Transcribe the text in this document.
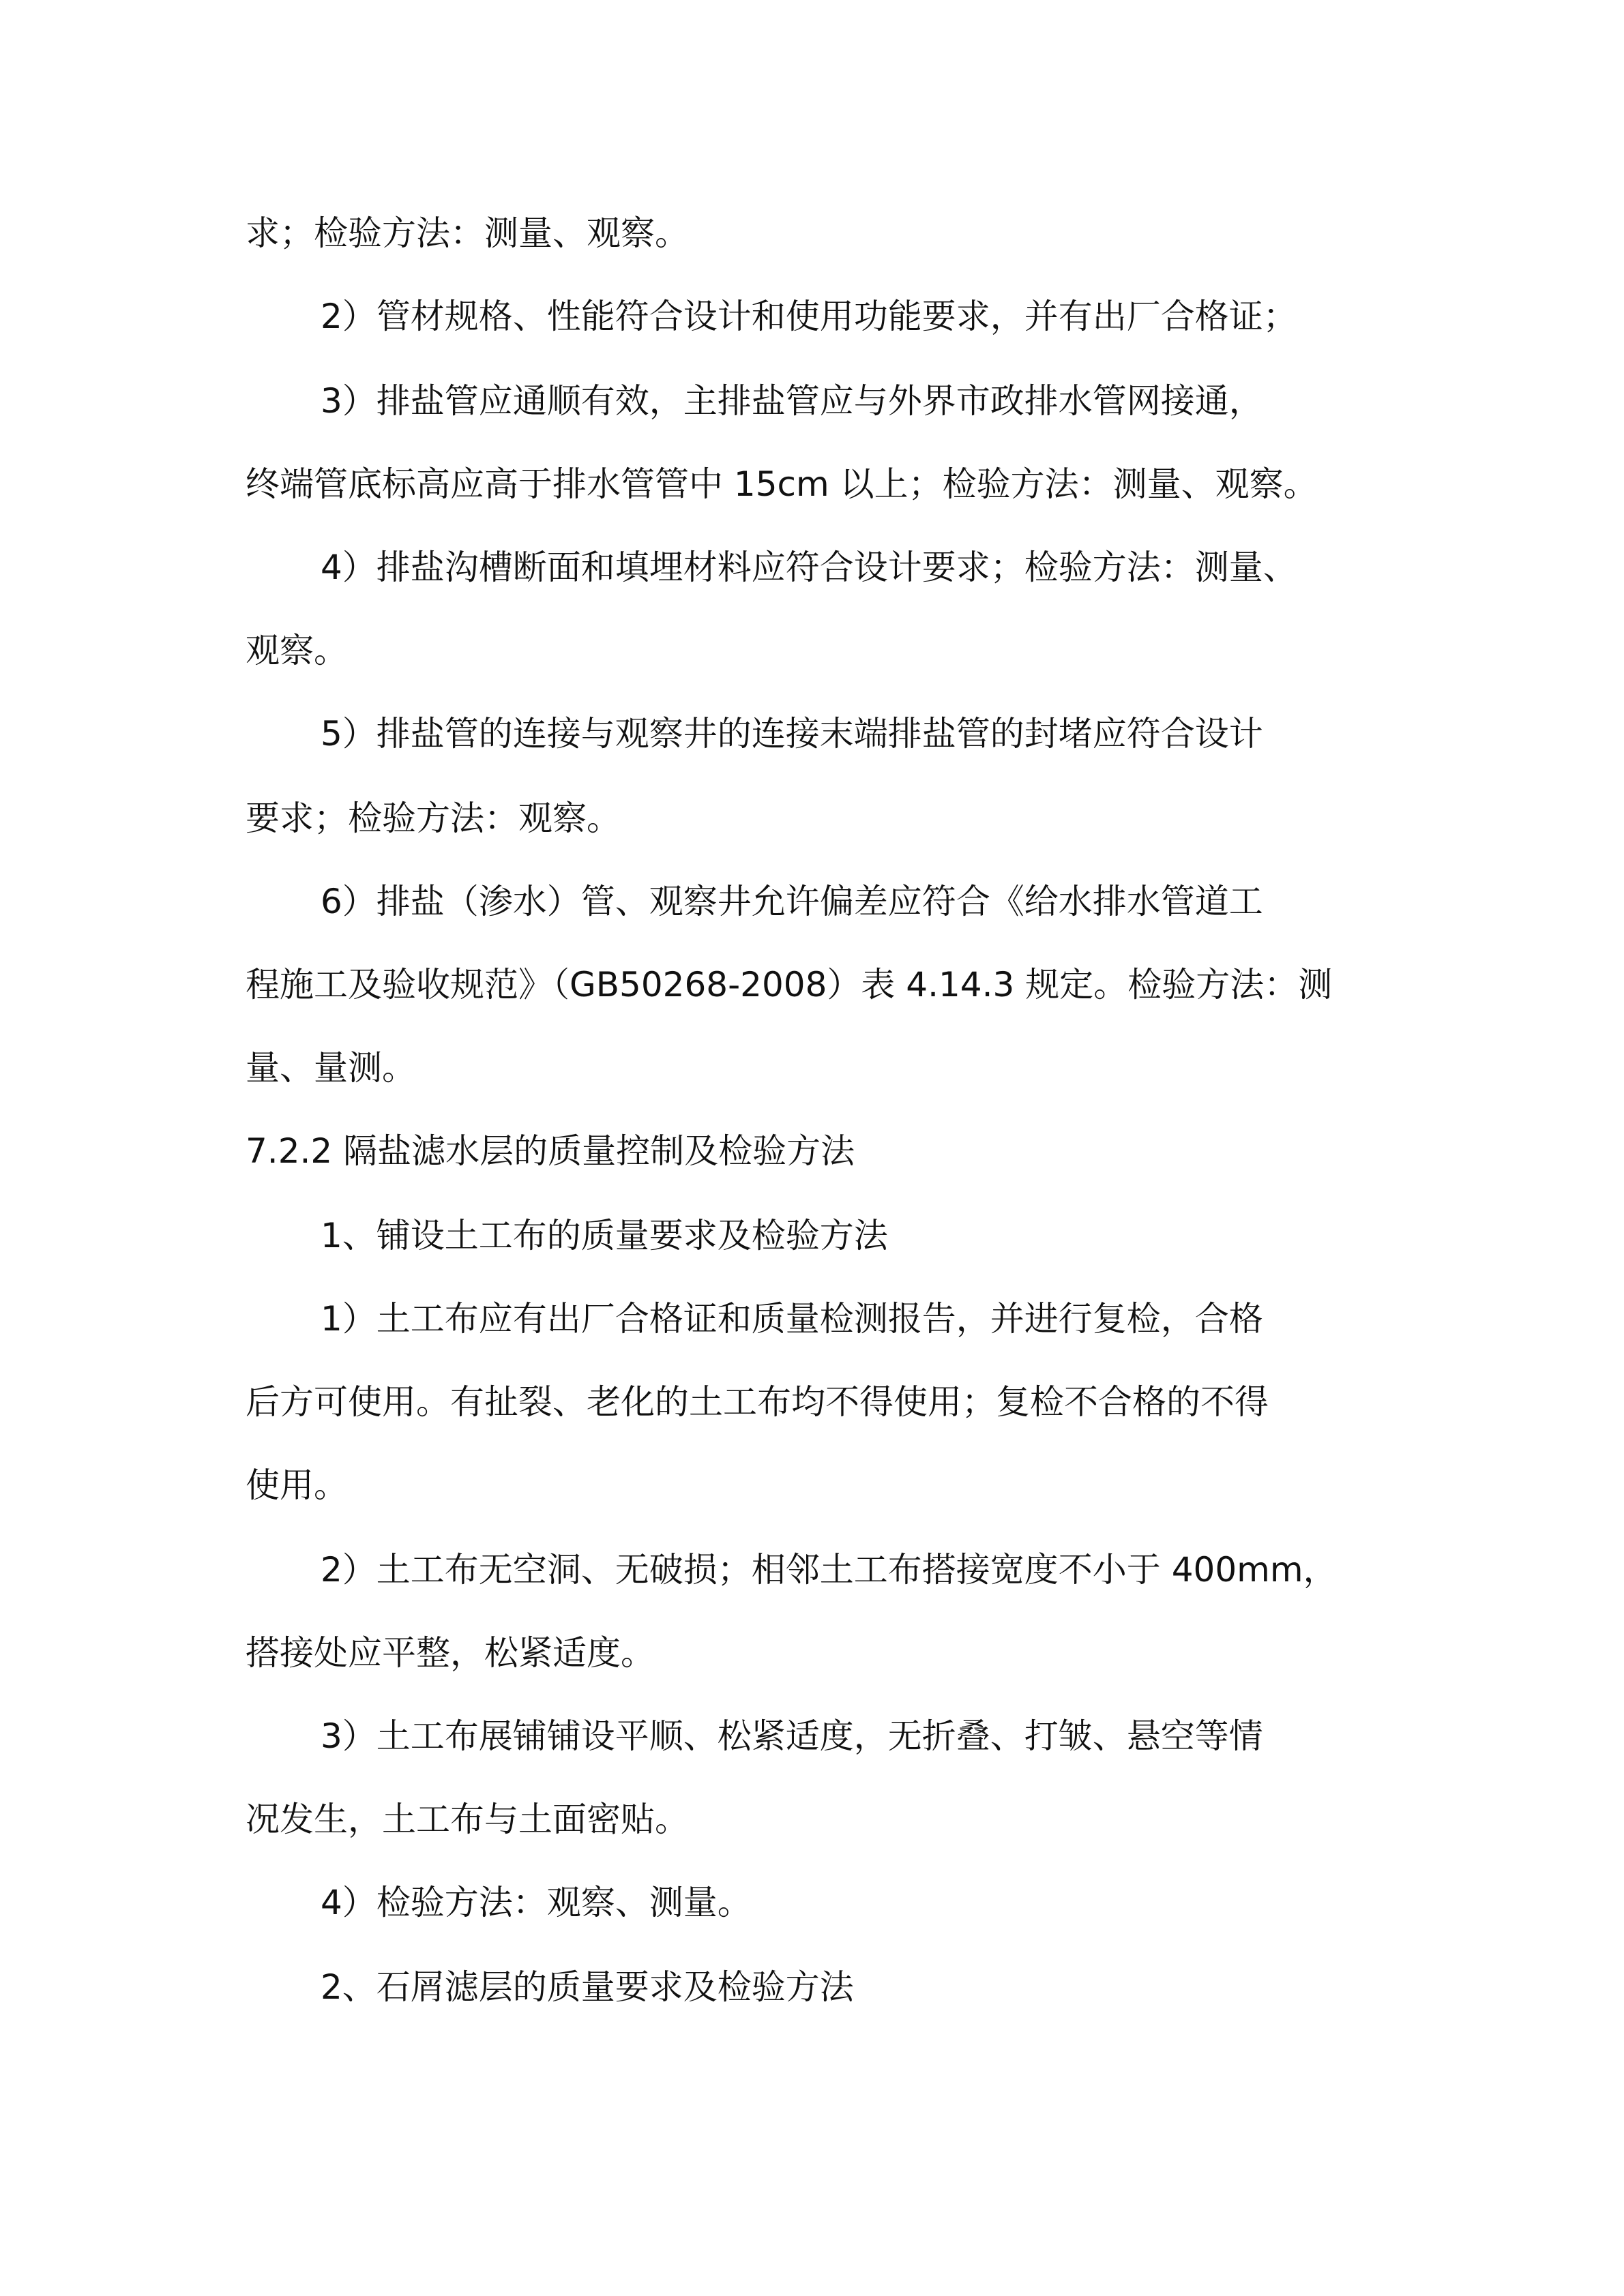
求；检验方法：测量、观察。

2）管材规格、性能符合设计和使用功能要求，并有出厂合格证；

3）排盐管应通顺有效，主排盐管应与外界市政排水管网接通，

终端管底标高应高于排水管管中 15cm 以上；检验方法：测量、观察。

4）排盐沟槽断面和填埋材料应符合设计要求；检验方法：测量、

观察。

5）排盐管的连接与观察井的连接末端排盐管的封堵应符合设计

要求；检验方法：观察。

6）排盐（渗水）管、观察井允许偏差应符合《给水排水管道工

程施工及验收规范》（GB50268-2008）表 4.14.3 规定。检验方法：测

量、量测。

7.2.2 隔盐滤水层的质量控制及检验方法

1、铺设土工布的质量要求及检验方法

1）土工布应有出厂合格证和质量检测报告，并进行复检，合格

后方可使用。有扯裂、老化的土工布均不得使用；复检不合格的不得

使用。

2）土工布无空洞、无破损；相邻土工布搭接宽度不小于 400mm，

搭接处应平整，松紧适度。

3）土工布展铺铺设平顺、松紧适度，无折叠、打皱、悬空等情

况发生，土工布与土面密贴。

4）检验方法：观察、测量。

2、石屑滤层的质量要求及检验方法
